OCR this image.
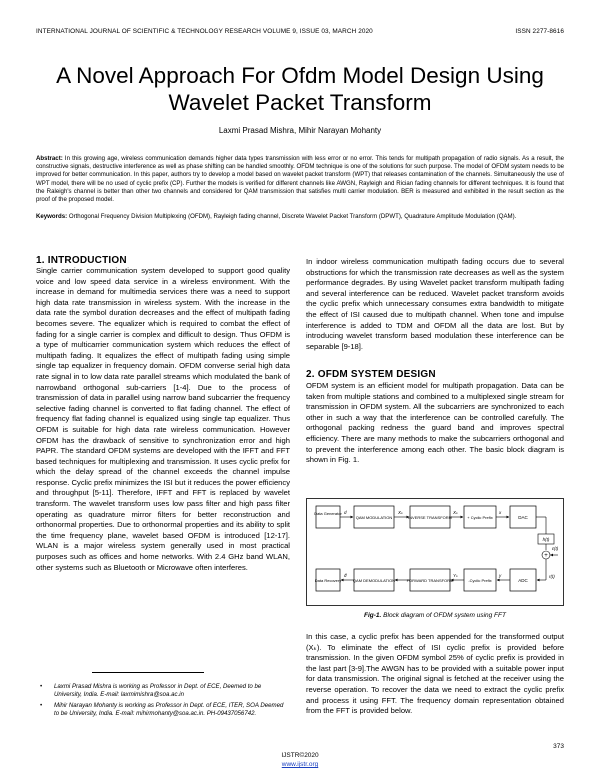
INTERNATIONAL JOURNAL OF SCIENTIFIC & TECHNOLOGY RESEARCH VOLUME 9, ISSUE 03, MARCH 2020	ISSN 2277-8616
A Novel Approach For Ofdm Model Design Using Wavelet Packet Transform
Laxmi Prasad Mishra, Mihir Narayan Mohanty
Abstract: In this growing age, wireless communication demands higher data types transmission with less error or no error. This tends for multipath propagation of radio signals. As a result, the constructive signals, destructive interference as well as phase shifting can be handled smoothly. OFDM technique is one of the solutions for such purpose. The model of OFDM system needs to be improved for better communication. In this paper, authors try to develop a model based on wavelet packet transform (WPT) that releases contamination of the channels. Simultaneously the use of WPT model, there will be no used of cyclic prefix (CP). Further the models is verified for different channels like AWGN, Rayleigh and Rician fading channels for different techniques. It is found that the Raleigh's channel is better than other two channels and considered for QAM transmission that satisfies multi carrier modulation. BER is measured and exhibited in the result section as the proof of the proposed model.
Keywords: Orthogonal Frequency Division Multiplexing (OFDM), Rayleigh fading channel, Discrete Wavelet Packet Transform (DPWT), Quadrature Amplitude Modulation (QAM).
1. INTRODUCTION
Single carrier communication system developed to support good quality voice and low speed data service in a wireless environment. With the increase in demand for multimedia services there was a need to support high data rate transmission in wireless system. With the increase in the data rate the symbol duration decreases and the effect of multipath fading becomes severe. The equalizer which is required to combat the effect of fading for a single carrier is complex and difficult to design. Thus OFDM is a type of multicarrier communication system which reduces the effect of multipath fading. It equalizes the effect of multipath fading using simple single tap equalizer in frequency domain. OFDM converse serial high data rate signal in to low data rate parallel streams which modulated the bank of narrowband orthogonal sub-carriers [1-4]. Due to the process of transmission of data in parallel using narrow band subcarrier the frequency selective fading channel is converted to flat fading channel. The effect of frequency flat fading channel is equalized using single tap equalizer. Thus OFDM is suitable for high data rate wireless communication. However OFDM has the drawback of sensitive to synchronization error and high PAPR. The standard OFDM systems are developed with the IFFT and FFT based techniques for multiplexing and transmission. It uses cyclic prefix for which the delay spread of the channel exceeds the channel impulse response. Cyclic prefix minimizes the ISI but it reduces the power efficiency and throughput [5-11]. Therefore, IFFT and FFT is replaced by wavelet transform. The wavelet transform uses low pass filter and high pass filter operating as quadrature mirror filters for better reconstruction and orthonormal properties. Due to orthonormal properties and its ability to split the time frequency plane, wavelet based OFDM is introduced [12-17]. WLAN is a major wireless system generally used in most practical purposes such as offices and home networks. With 2.4 GHz band WLAN, other systems such as Bluetooth or Microwave often interferes.
•	Laxmi Prasad Mishra is working as Professor in Dept. of ECE, Deemed to be University, India. E-mail: laxmimishra@soa.ac.in
•	Mihir Narayan Mohanty is working as Professor in Dept. of ECE, ITER, SOA Deemed to be University, India. E-mail: mihirmohanty@soa.ac.in. PH-09437056742.
In indoor wireless communication multipath fading occurs due to several obstructions for which the transmission rate decreases as well as the system performance degrades. By using Wavelet packet transform multipath fading and several interference can be reduced. Wavelet packet transform avoids the cyclic prefix which unnecessary consumes extra bandwidth to mitigate the effect of ISI caused due to multipath channel. When tone and impulse interference is added to TDM and OFDM all the data are lost. But by introducing wavelet transform based modulation these interference can be separable [9-18].
2. OFDM SYSTEM DESIGN
OFDM system is an efficient model for multipath propagation. Data can be taken from multiple stations and combined to a multiplexed single stream for transmission in OFDM system. All the subcarriers are synchronized to each other in such a way that the interference can be controlled carefully. The orthogonal packing redness the guard band and improves spectral efficiency. There are many methods to make the subcarriers orthogonal and to prevent the interference among each other. The basic block diagram is shown in Fig. 1.
Data Generator
QAM MODULATION	INVERSE TRANSFORM	+ Cyclic Prefix	DAC
d	Xₖ	Xₖ	x
h(t)
+
ε(t)
r(t)
ADC
-Cyclic Prefix
FORWARD TRANSFORM
QAM DEMODULATION
Data Recovery
y
Yₖ
d̂
Fig-1. Block diagram of OFDM system using FFT
In this case, a cyclic prefix has been appended for the transformed output (Xₖ). To eliminate the effect of ISI cyclic prefix is provided before transmission. In the given OFDM symbol 25% of cyclic prefix is provided in the last part [3-9].The AWGN has to be provided with a suitable power input for data transmission. The original signal is fetched at the receiver using the reverse operation. To recover the data we need to extract the cyclic prefix and process it using FFT. The frequency domain representation obtained from the FFT is provided below.
373
IJSTR©2020
www.ijstr.org
